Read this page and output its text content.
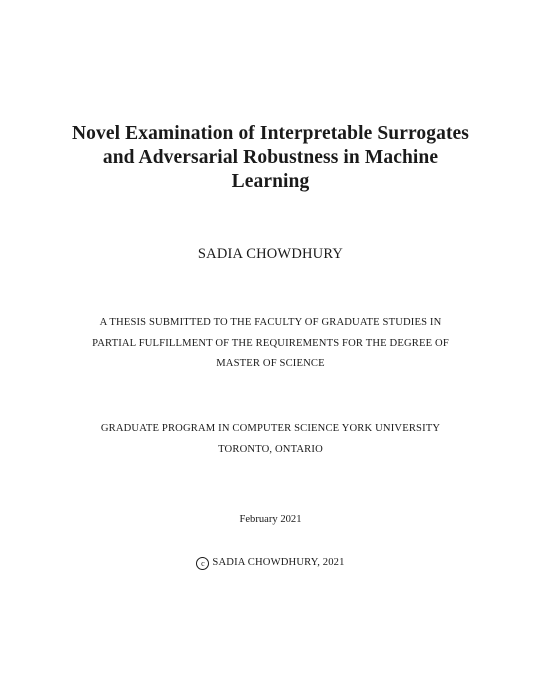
Novel Examination of Interpretable Surrogates
and Adversarial Robustness in Machine
Learning
SADIA CHOWDHURY
A THESIS SUBMITTED TO THE FACULTY OF GRADUATE STUDIES IN
PARTIAL FULFILLMENT OF THE REQUIREMENTS FOR THE DEGREE OF
MASTER OF SCIENCE
GRADUATE PROGRAM IN COMPUTER SCIENCE YORK UNIVERSITY
TORONTO, ONTARIO
February 2021
c SADIA CHOWDHURY, 2021
